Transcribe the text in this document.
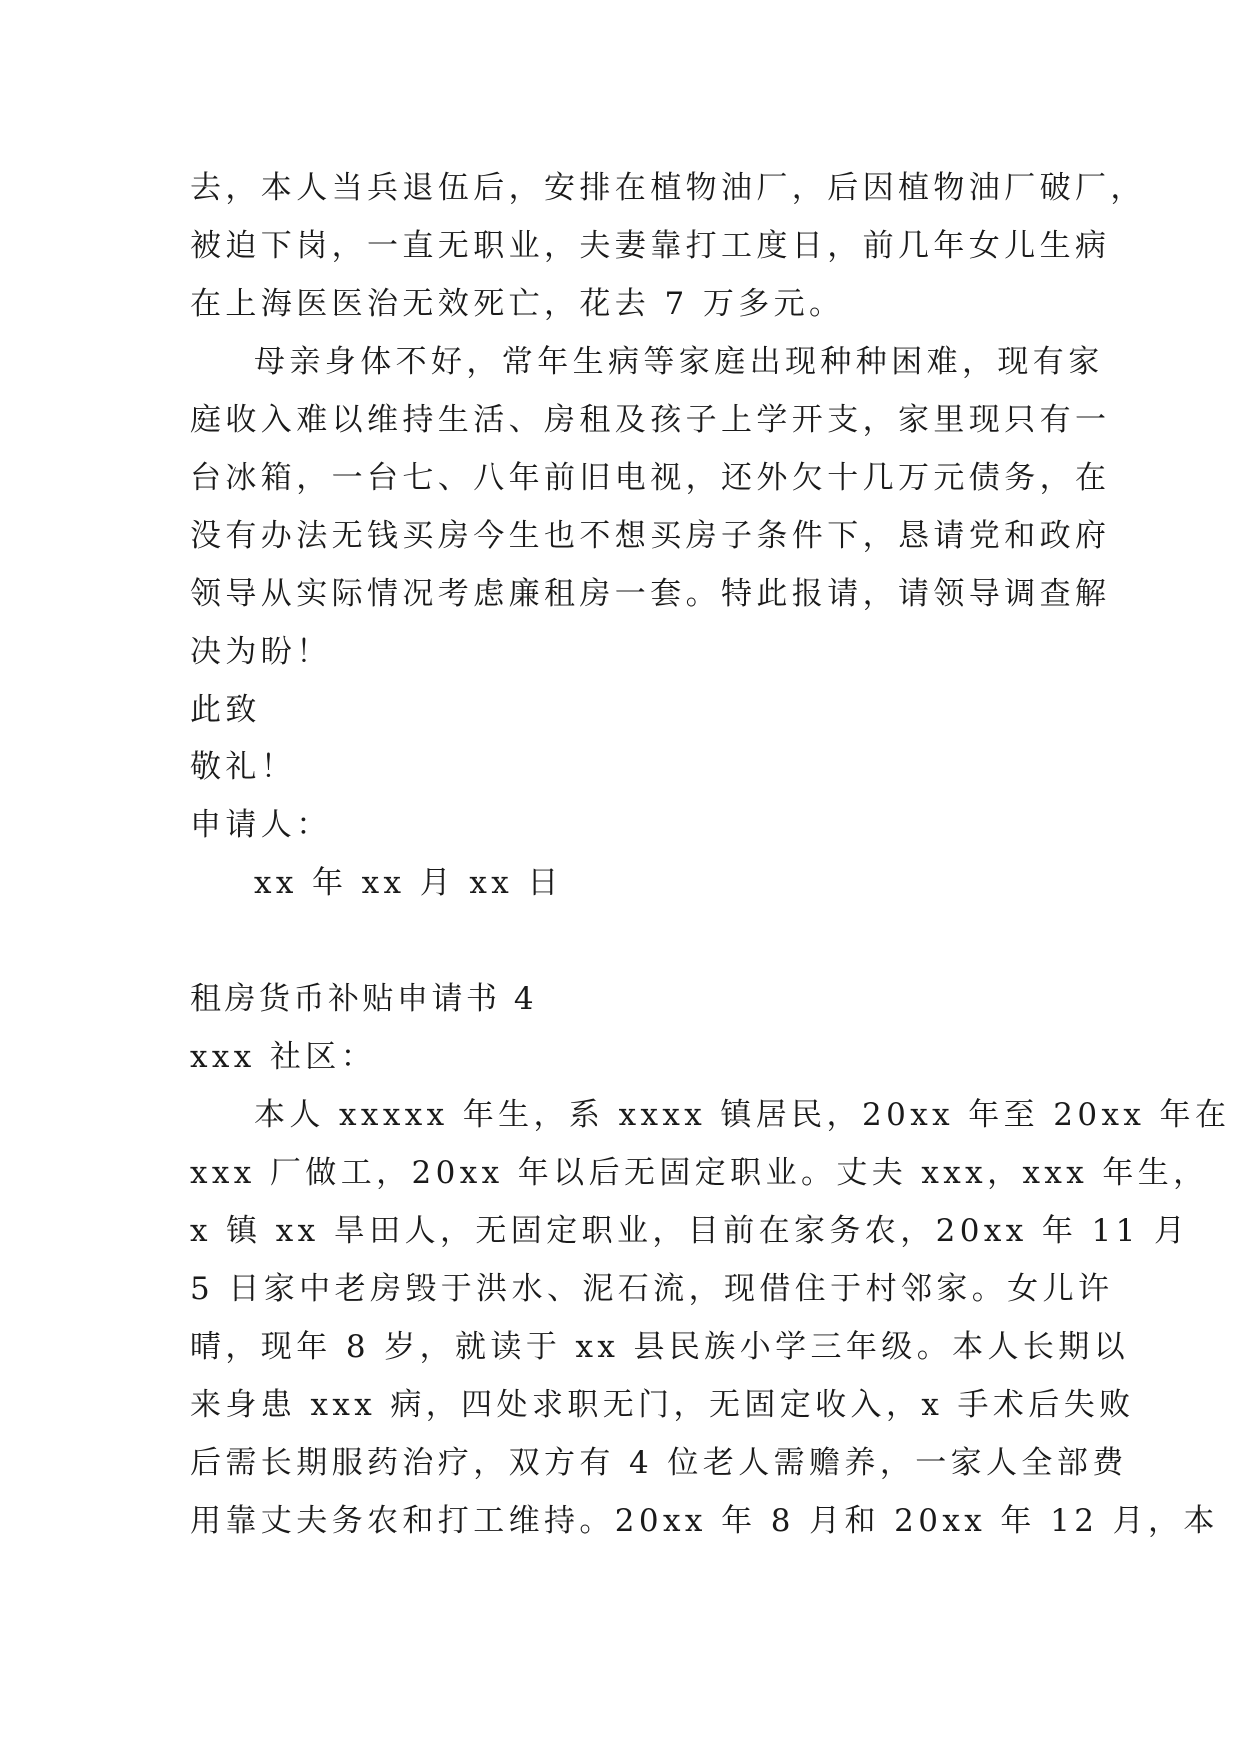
去，本人当兵退伍后，安排在植物油厂，后因植物油厂破厂，
被迫下岗，一直无职业，夫妻靠打工度日，前几年女儿生病
在上海医医治无效死亡，花去 7 万多元。
母亲身体不好，常年生病等家庭出现种种困难，现有家
庭收入难以维持生活、房租及孩子上学开支，家里现只有一
台冰箱，一台七、八年前旧电视，还外欠十几万元债务，在
没有办法无钱买房今生也不想买房子条件下，恳请党和政府
领导从实际情况考虑廉租房一套。特此报请，请领导调查解
决为盼！
此致
敬礼！
申请人：
xx 年 xx 月 xx 日
租房货币补贴申请书 4
xxx 社区：
本人 xxxxx 年生，系 xxxx 镇居民，20xx 年至 20xx 年在
xxx 厂做工，20xx 年以后无固定职业。丈夫 xxx，xxx 年生，
x 镇 xx 旱田人，无固定职业，目前在家务农，20xx 年 11 月
5 日家中老房毁于洪水、泥石流，现借住于村邻家。女儿许
晴，现年 8 岁，就读于 xx 县民族小学三年级。本人长期以
来身患 xxx 病，四处求职无门，无固定收入，x 手术后失败
后需长期服药治疗，双方有 4 位老人需赡养，一家人全部费
用靠丈夫务农和打工维持。20xx 年 8 月和 20xx 年 12 月，本
